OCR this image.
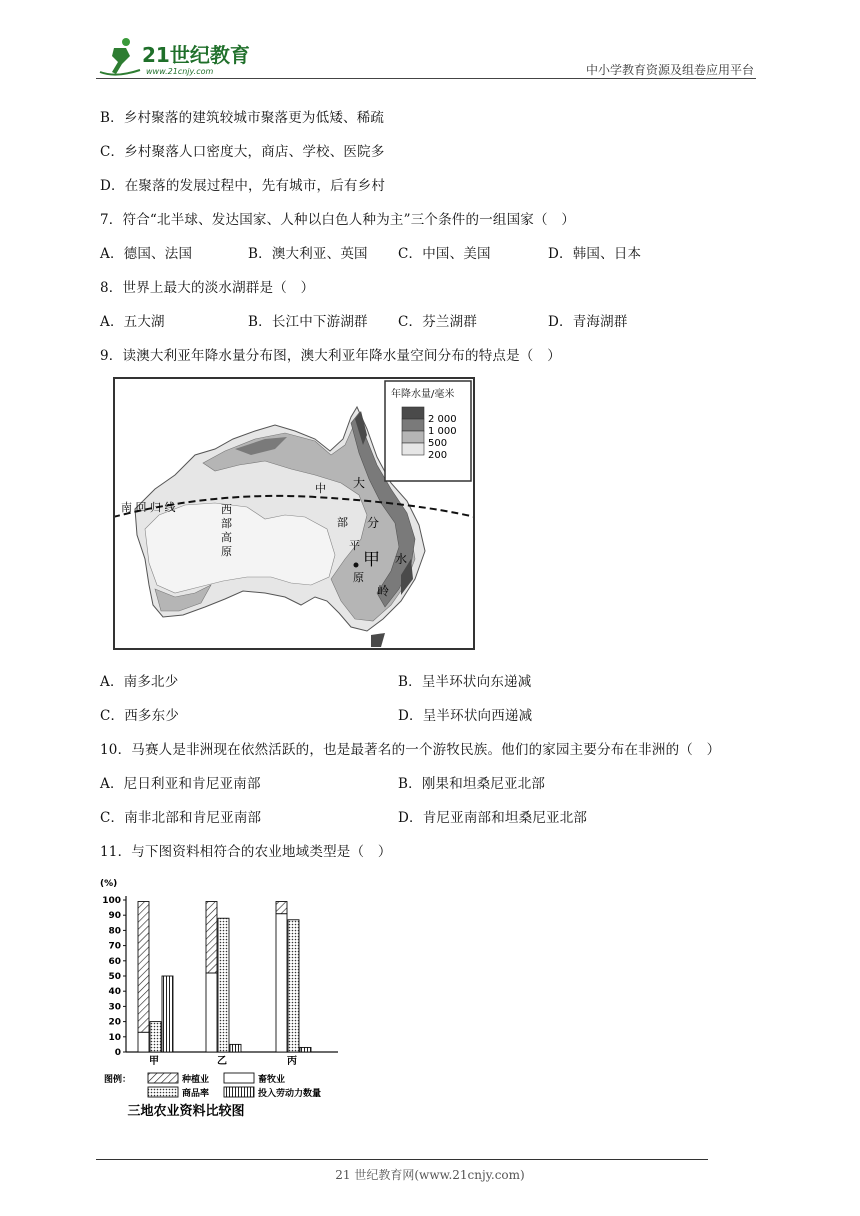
21世纪教育
www.21cnjy.com	中小学教育资源及组卷应用平台
B．乡村聚落的建筑较城市聚落更为低矮、稀疏
C．乡村聚落人口密度大，商店、学校、医院多
D．在聚落的发展过程中，先有城市，后有乡村
7．符合“北半球、发达国家、人种以白色人种为主”三个条件的一组国家（　）
A．德国、法国	B．澳大利亚、英国 C．中国、美国	D．韩国、日本
8．世界上最大的淡水湖群是（　）
A．五大湖	B．长江中下游湖群 C．芬兰湖群	D．青海湖群
9．读澳大利亚年降水量分布图，澳大利亚年降水量空间分布的特点是（　）
年降水量/毫米
2 000
1 000
500
200
南 回 归 线	西
部
高
原
中
部
平
原
大
分
水
岭
甲
A．南多北少	B．呈半环状向东递减
C．西多东少	D．呈半环状向西递减
10．马赛人是非洲现在依然活跃的，也是最著名的一个游牧民族。他们的家园主要分布在非洲的（　）
A．尼日利亚和肯尼亚南部	B．刚果和坦桑尼亚北部
C．南非北部和肯尼亚南部	D．肯尼亚南部和坦桑尼亚北部
11．与下图资料相符合的农业地域类型是（　）
(%)
0
10
20
30
40
50
60
70
80
90
100
甲	乙	丙
图例：	种植业	畜牧业
商品率	投入劳动力数量
三地农业资料比较图
21 世纪教育网(www.21cnjy.com)
